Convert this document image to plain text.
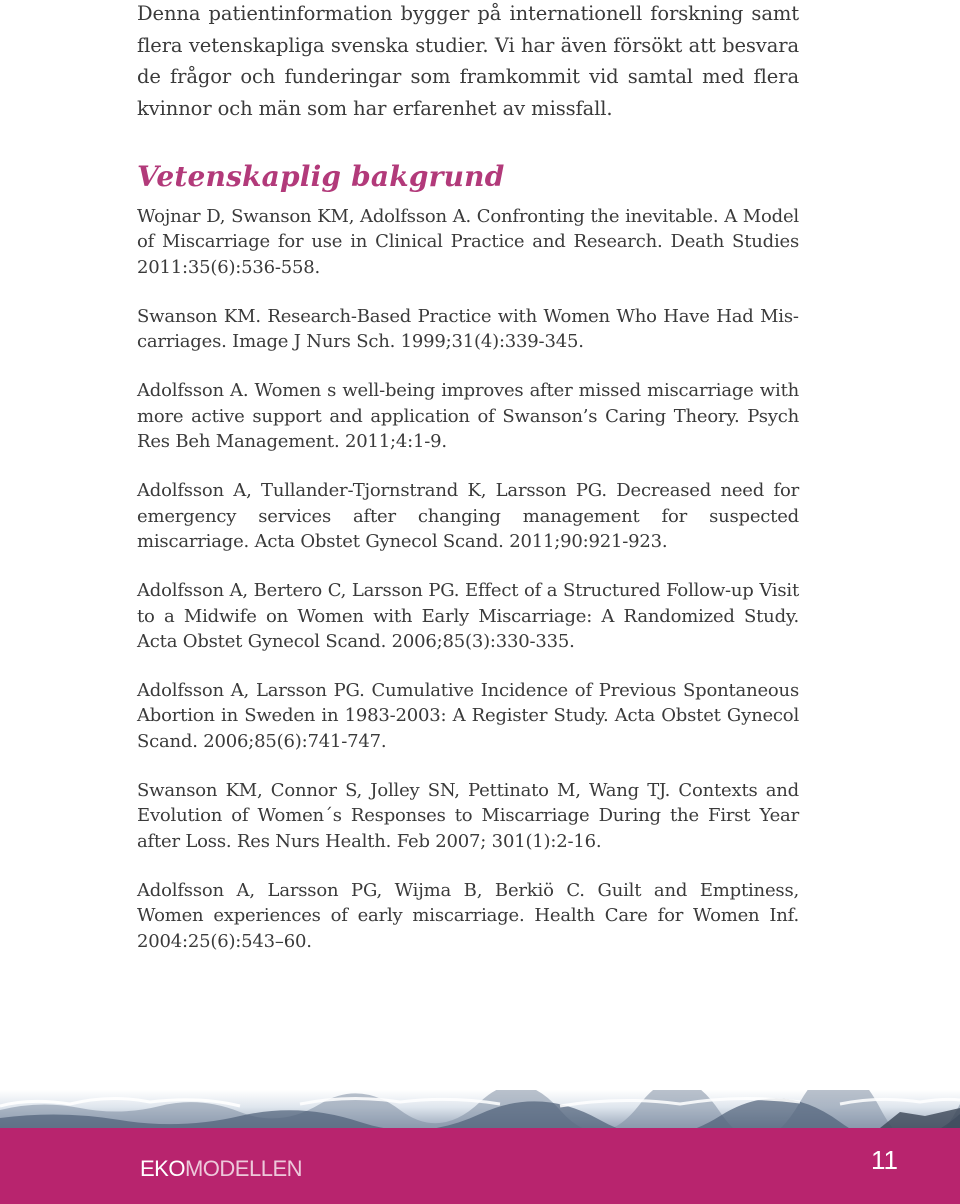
Denna patientinformation bygger på internationell forskning samt flera vetenskapliga svenska studier. Vi har även försökt att besvara de frågor och funderingar som framkommit vid samtal med flera kvinnor och män som har erfarenhet av missfall.

Vetenskaplig bakgrund

Wojnar D, Swanson KM, Adolfsson A. Confronting the inevitable. A Model of Miscarriage for use in Clinical Practice and Research. Death Studies 2011:35(6):536-558.

Swanson KM. Research-Based Practice with Women Who Have Had Miscarriages. Image J Nurs Sch. 1999;31(4):339-345.

Adolfsson A. Women s well-being improves after missed miscarriage with more active support and application of Swanson’s Caring Theory. Psych Res Beh Management. 2011;4:1-9.

Adolfsson A, Tullander-Tjornstrand K, Larsson PG. Decreased need for emergency services after changing management for suspected miscarriage. Acta Obstet Gynecol Scand. 2011;90:921-923.

Adolfsson A, Bertero C, Larsson PG. Effect of a Structured Follow-up Visit to a Midwife on Women with Early Miscarriage: A Randomized Study. Acta Obstet Gynecol Scand. 2006;85(3):330-335.

Adolfsson A, Larsson PG. Cumulative Incidence of Previous Spontaneous Abortion in Sweden in 1983-2003: A Register Study. Acta Obstet Gynecol Scand. 2006;85(6):741-747.

Swanson KM, Connor S, Jolley SN, Pettinato M, Wang TJ. Contexts and Evolution of Women´s Responses to Miscarriage During the First Year after Loss. Res Nurs Health. Feb 2007; 301(1):2-16.

Adolfsson A, Larsson PG, Wijma B, Berkiö C. Guilt and Emptiness, Women experiences of early miscarriage. Health Care for Women Inf. 2004:25(6):543–60.

EKOMODELLEN	11
